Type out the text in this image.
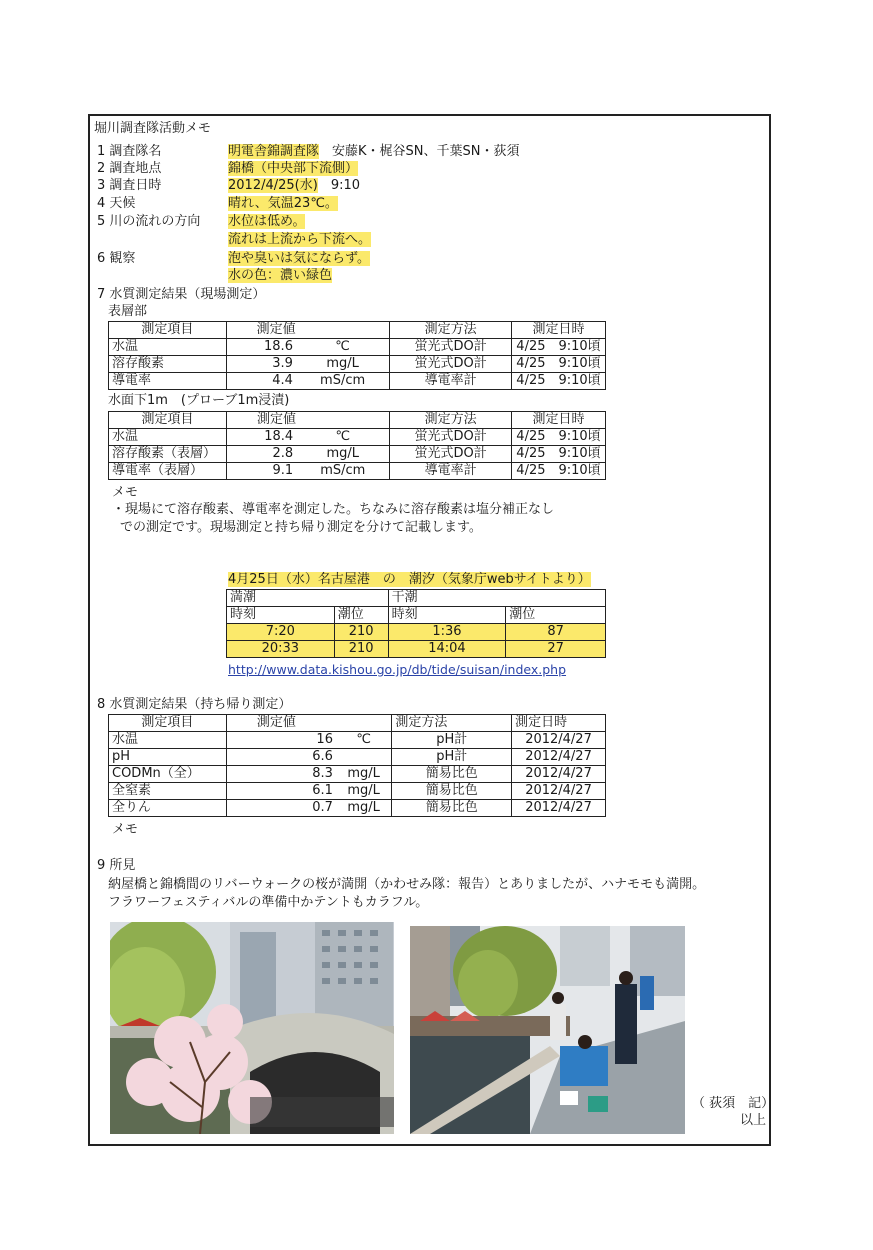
堀川調査隊活動メモ
1 調査隊名	明電舎錦調査隊　 安藤K・梶谷SN、千葉SN・荻須
2 調査地点	錦橋（中央部下流側）
3 調査日時	2012/4/25(水)　 9:10
4 天候	晴れ、気温23℃。
5 川の流れの方向 水位は低め。
流れは上流から下流へ。
6 観察	泡や臭いは気にならず。
水の色：濃い緑色
7 水質測定結果（現場測定）
表層部
測定項目	測定値		測定方法	測定日時
水温	18.6	℃	蛍光式DO計	4/25　9:10頃
溶存酸素	3.9	mg/L	蛍光式DO計	4/25　9:10頃
導電率	4.4	mS/cm	導電率計	4/25　9:10頃
水面下1m　(プローブ1m浸漬)
測定項目	測定値		測定方法	測定日時
水温	18.4	℃	蛍光式DO計	4/25　9:10頃
溶存酸素（表層）	2.8	mg/L	蛍光式DO計	4/25　9:10頃
導電率（表層）	9.1	mS/cm	導電率計	4/25　9:10頃
メモ
・現場にて溶存酸素、導電率を測定した。ちなみに溶存酸素は塩分補正なし
での測定です。現場測定と持ち帰り測定を分けて記載します。
4月25日（水）名古屋港　の　潮汐（気象庁webサイトより）
満潮		干潮	
時刻	潮位	時刻	潮位
7:20	210	1:36	87
20:33	210	14:04	27
http://www.data.kishou.go.jp/db/tide/suisan/index.php
8 水質測定結果（持ち帰り測定）
測定項目	測定値		測定方法	測定日時
水温	16	℃	pH計	2012/4/27
pH	6.6		pH計	2012/4/27
CODMn（全）	8.3	mg/L	簡易比色	2012/4/27
全窒素	6.1	mg/L	簡易比色	2012/4/27
全りん	0.7	mg/L	簡易比色	2012/4/27
メモ
9 所見
納屋橋と錦橋間のリバーウォークの桜が満開（かわせみ隊：報告）とありましたが、ハナモモも満開。
フラワーフェスティバルの準備中かテントもカラフル。
（ 荻須　記）
以上
